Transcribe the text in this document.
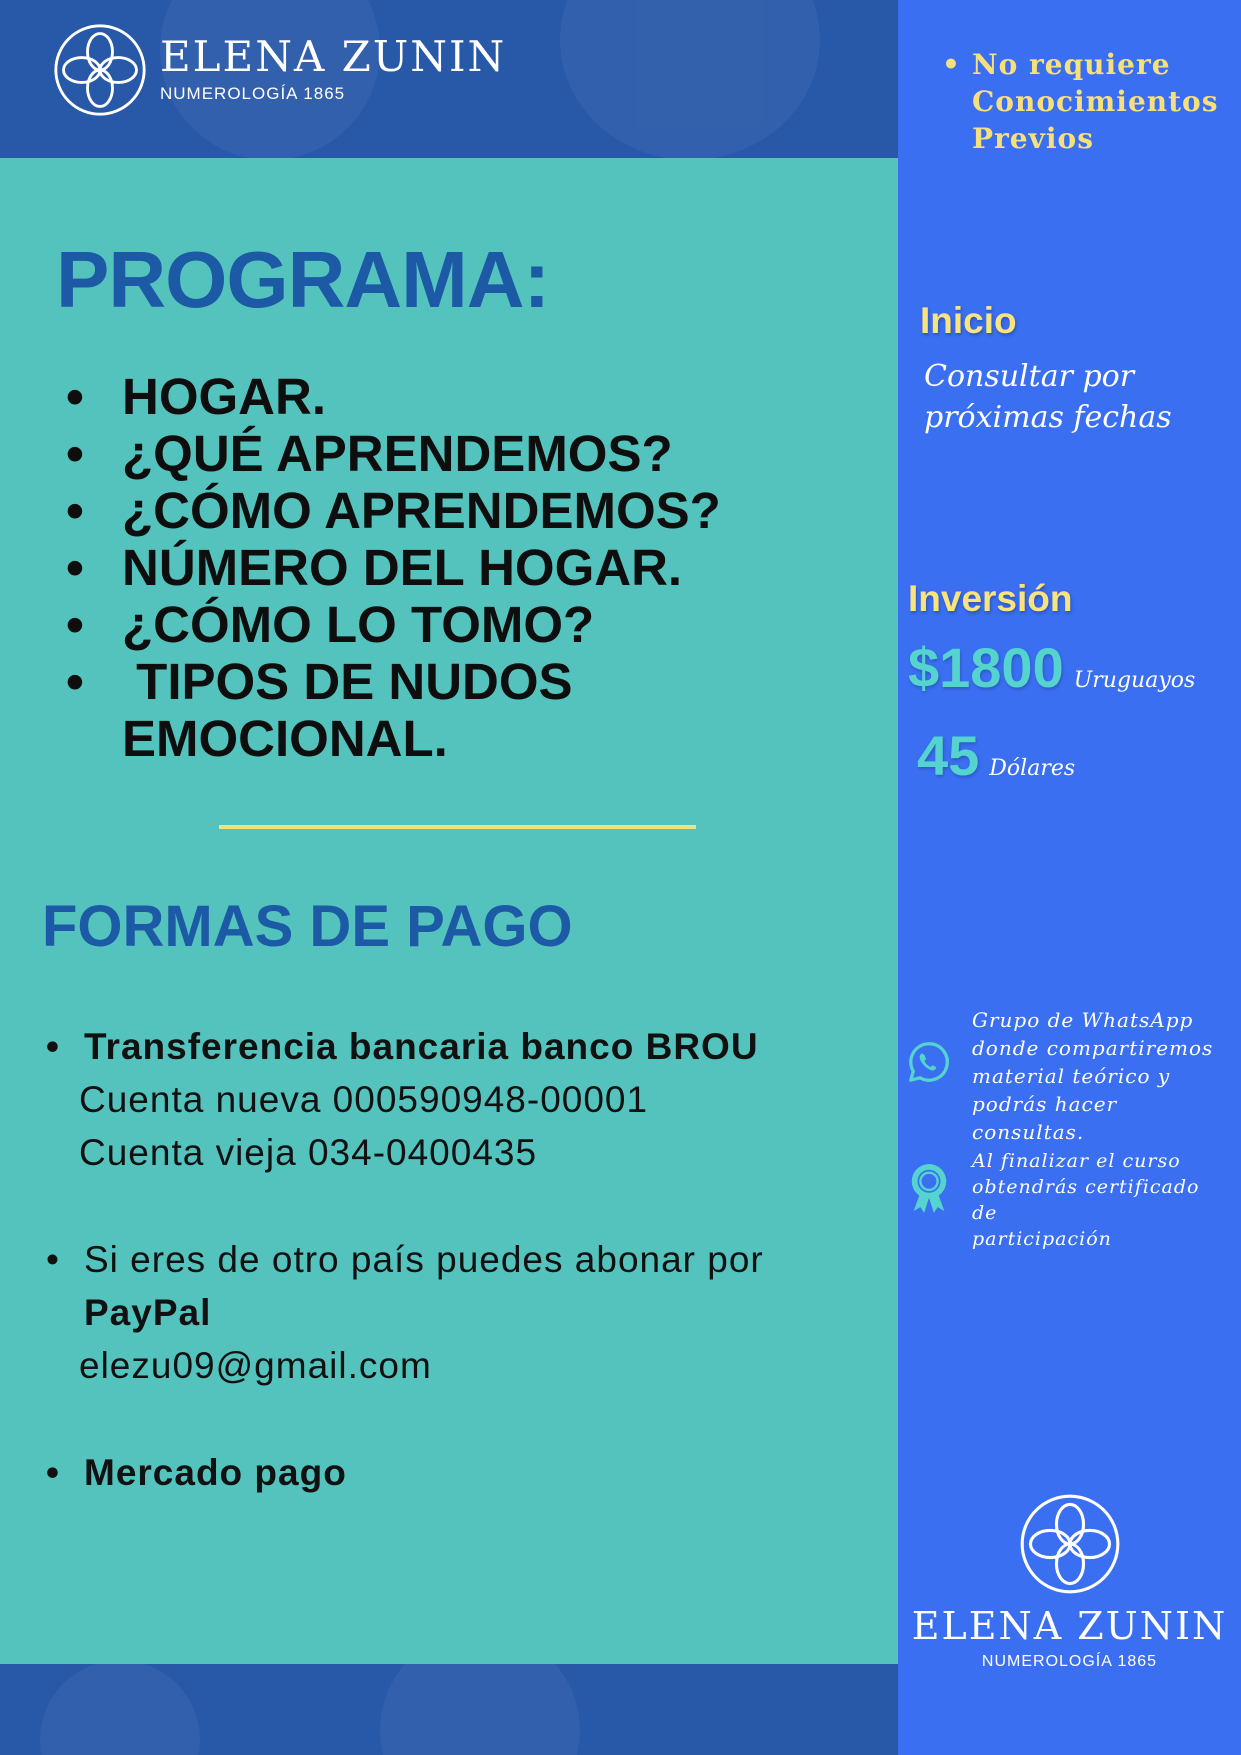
ELENA ZUNIN
NUMEROLOGÍA 1865
PROGRAMA:
• HOGAR.
• ¿QUÉ APRENDEMOS?
• ¿CÓMO APRENDEMOS?
• NÚMERO DEL HOGAR.
• ¿CÓMO LO TOMO?
•  TIPOS DE NUDOS EMOCIONAL.
FORMAS DE PAGO
• Transferencia bancaria banco BROU
Cuenta nueva 000590948-00001
Cuenta vieja 034-0400435
• Si eres de otro país puedes abonar por
PayPal
elezu09@gmail.com
• Mercado pago
• No requiere
Conocimientos
Previos
Inicio
Consultar por
próximas fechas
Inversión
$1800 Uruguayos
45 Dólares
Grupo de WhatsApp
donde compartiremos
material teórico y
podrás hacer consultas.
Al finalizar el curso
obtendrás certificado de
participación
ELENA ZUNIN
NUMEROLOGÍA 1865
